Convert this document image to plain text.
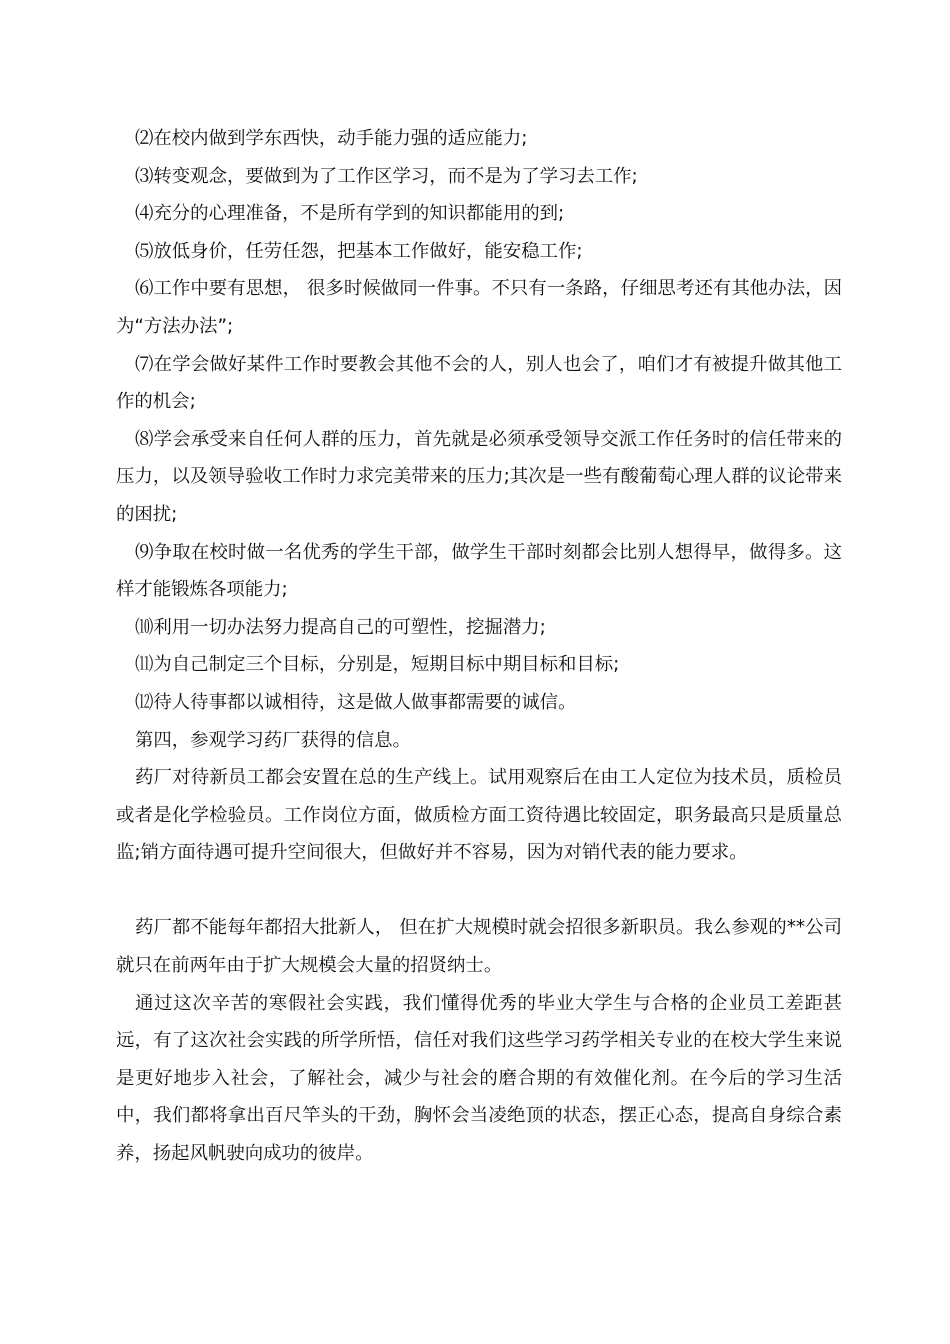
⑵在校内做到学东西快，动手能力强的适应能力;

⑶转变观念，要做到为了工作区学习，而不是为了学习去工作;

⑷充分的心理准备，不是所有学到的知识都能用的到;

⑸放低身价，任劳任怨，把基本工作做好，能安稳工作;

⑹工作中要有思想， 很多时候做同一件事。不只有一条路，仔细思考还有其他办法，因为“方法办法”;

⑺在学会做好某件工作时要教会其他不会的人，别人也会了，咱们才有被提升做其他工作的机会;

⑻学会承受来自任何人群的压力，首先就是必须承受领导交派工作任务时的信任带来的压力，以及领导验收工作时力求完美带来的压力;其次是一些有酸葡萄心理人群的议论带来的困扰;

⑼争取在校时做一名优秀的学生干部，做学生干部时刻都会比别人想得早，做得多。这样才能锻炼各项能力;

⑽利用一切办法努力提高自己的可塑性，挖掘潜力;

⑾为自己制定三个目标，分别是，短期目标中期目标和目标;

⑿待人待事都以诚相待，这是做人做事都需要的诚信。

第四，参观学习药厂获得的信息。

药厂对待新员工都会安置在总的生产线上。试用观察后在由工人定位为技术员，质检员或者是化学检验员。工作岗位方面，做质检方面工资待遇比较固定，职务最高只是质量总监;销方面待遇可提升空间很大，但做好并不容易，因为对销代表的能力要求。

药厂都不能每年都招大批新人， 但在扩大规模时就会招很多新职员。我么参观的**公司就只在前两年由于扩大规模会大量的招贤纳士。

通过这次辛苦的寒假社会实践，我们懂得优秀的毕业大学生与合格的企业员工差距甚远，有了这次社会实践的所学所悟，信任对我们这些学习药学相关专业的在校大学生来说是更好地步入社会，了解社会，减少与社会的磨合期的有效催化剂。在今后的学习生活中，我们都将拿出百尺竿头的干劲，胸怀会当凌绝顶的状态，摆正心态，提高自身综合素养，扬起风帆驶向成功的彼岸。
